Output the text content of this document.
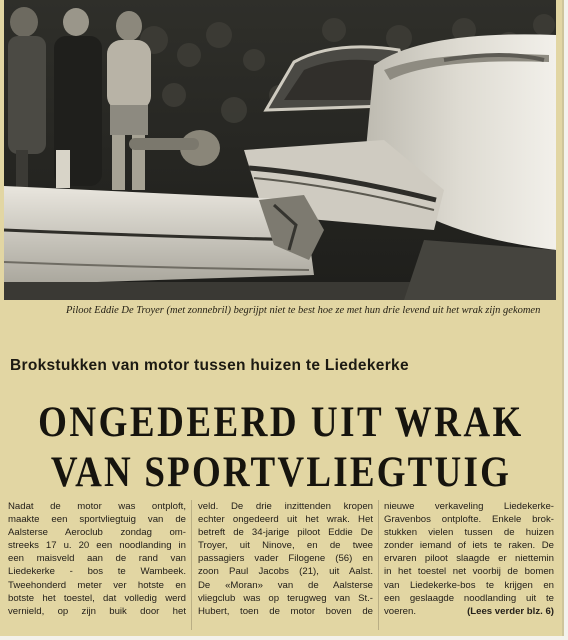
Piloot Eddie De Troyer (met zonnebril) begrijpt niet te best hoe ze met hun drie levend uit het wrak zijn gekomen
Brokstukken van motor tussen huizen te Liedekerke
ONGEDEERD UIT WRAK
VAN SPORTVLIEGTUIG
Nadat de motor was ontploft,
maakte een sportvliegtuig van de
Aalsterse Aeroclub zondag om-
streeks 17 u. 20 een noodlanding in
een maisveld aan de rand van
Liedekerke - bos te Wambeek.
Tweehonderd meter ver hotste en
botste het toestel, dat volledig werd
vernield, op zijn buik door het
veld. De drie inzittenden kropen
echter ongedeerd uit het wrak. Het
betreft de 34-jarige piloot Eddie De
Troyer, uit Ninove, en de twee
passagiers vader Filogene (56) en
zoon Paul Jacobs (21), uit Aalst.
De «Moran» van de Aalsterse
vliegclub was op terugweg van St.-
Hubert, toen de motor boven de
nieuwe verkaveling Liedekerke-
Gravenbos ontplofte. Enkele brok-
stukken vielen tussen de huizen
zonder iemand of iets te raken. De
ervaren piloot slaagde er niettemin
in het toestel net voorbij de bomen
van Liedekerke-bos te krijgen en
een geslaagde noodlanding uit te
voeren.	(Lees verder blz. 6)
